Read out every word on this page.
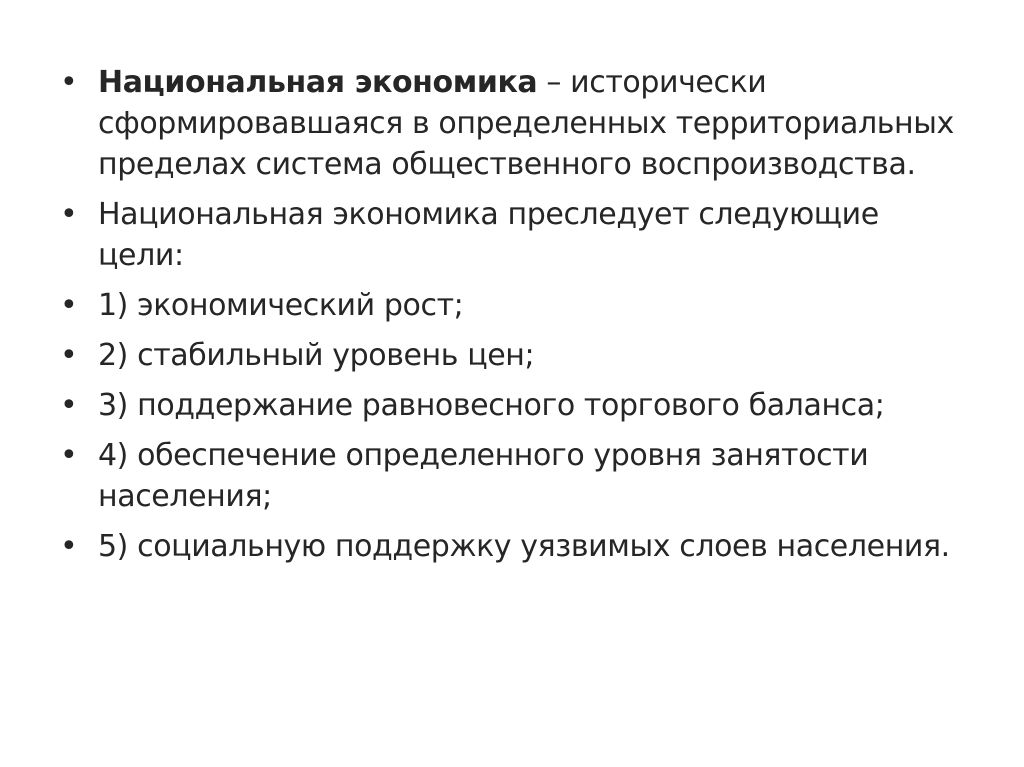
• Национальная экономика – исторически сформировавшаяся в определенных территориальных пределах система общественного воспроизводства.
• Национальная экономика преследует следующие цели:
• 1) экономический рост;
• 2) стабильный уровень цен;
• 3) поддержание равновесного торгового баланса;
• 4) обеспечение определенного уровня занятости населения;
• 5) социальную поддержку уязвимых слоев населения.
